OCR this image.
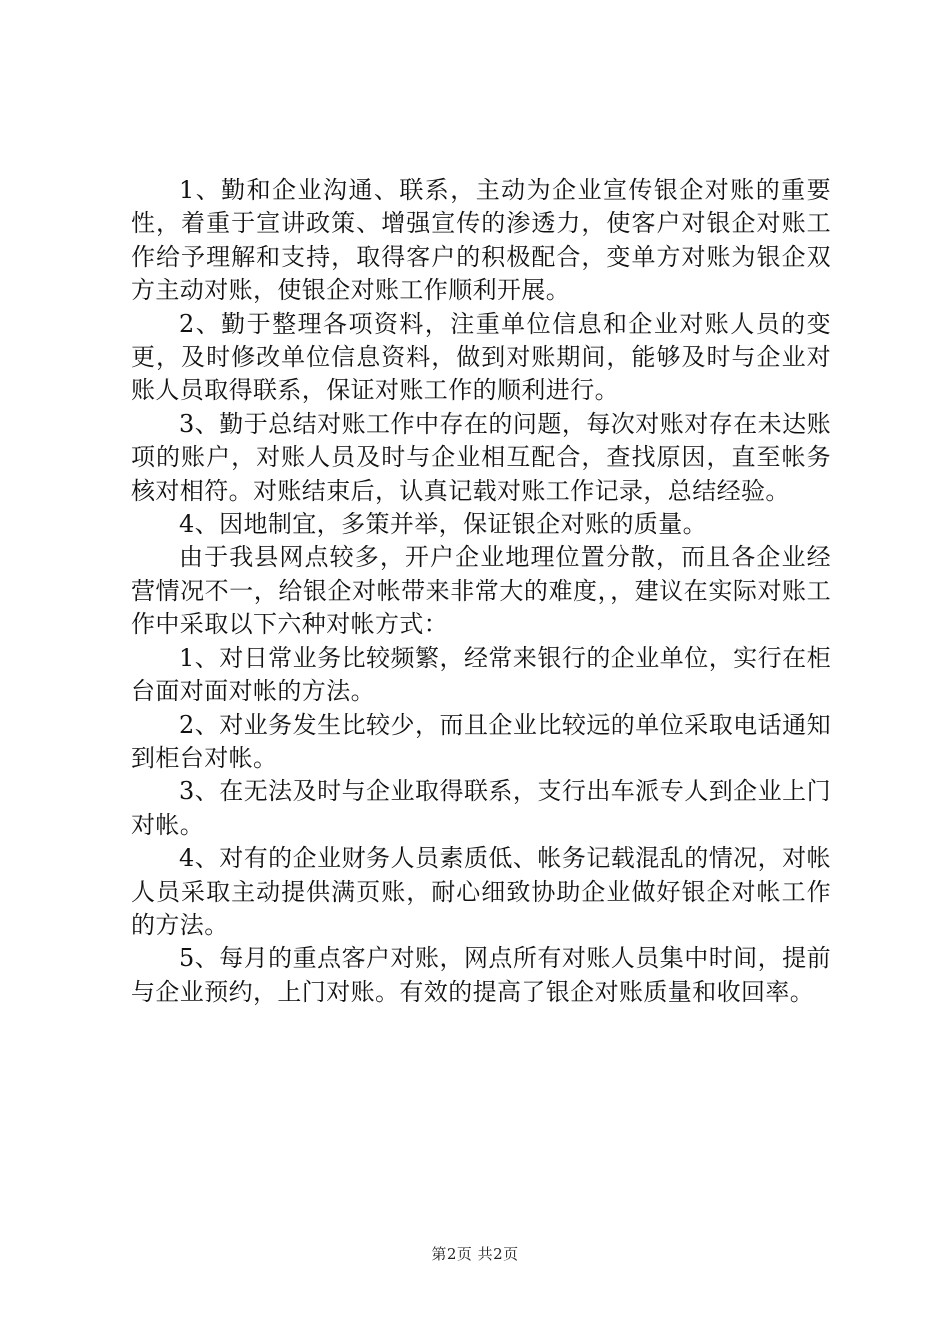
1、勤和企业沟通、联系，主动为企业宣传银企对账的重要性，着重于宣讲政策、增强宣传的渗透力，使客户对银企对账工作给予理解和支持，取得客户的积极配合，变单方对账为银企双方主动对账，使银企对账工作顺利开展。

2、勤于整理各项资料，注重单位信息和企业对账人员的变更，及时修改单位信息资料，做到对账期间，能够及时与企业对账人员取得联系，保证对账工作的顺利进行。

3、勤于总结对账工作中存在的问题，每次对账对存在未达账项的账户，对账人员及时与企业相互配合，查找原因，直至帐务核对相符。对账结束后，认真记载对账工作记录，总结经验。

4、因地制宜，多策并举，保证银企对账的质量。

由于我县网点较多，开户企业地理位置分散，而且各企业经营情况不一，给银企对帐带来非常大的难度，，建议在实际对账工作中采取以下六种对帐方式：

1、对日常业务比较频繁，经常来银行的企业单位，实行在柜台面对面对帐的方法。

2、对业务发生比较少，而且企业比较远的单位采取电话通知到柜台对帐。

3、在无法及时与企业取得联系，支行出车派专人到企业上门对帐。

4、对有的企业财务人员素质低、帐务记载混乱的情况，对帐人员采取主动提供满页账，耐心细致协助企业做好银企对帐工作的方法。

5、每月的重点客户对账，网点所有对账人员集中时间，提前与企业预约，上门对账。有效的提高了银企对账质量和收回率。

第2页 共2页
